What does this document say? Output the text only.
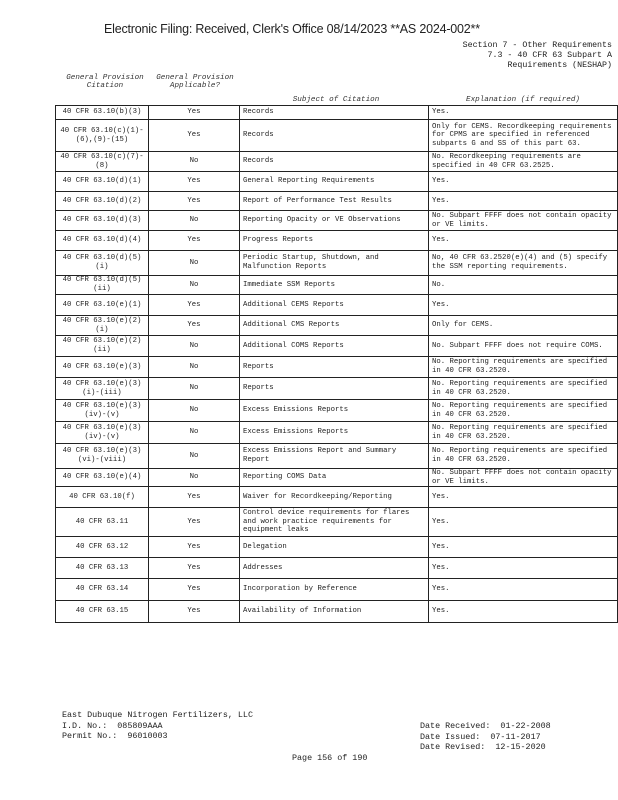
Electronic Filing: Received, Clerk's Office 08/14/2023 **AS 2024-002**
Section 7 - Other Requirements
7.3 - 40 CFR 63 Subpart A
Requirements (NESHAP)
General Provision Citation
General Provision Applicable?
Subject of Citation	Explanation (if required)
40 CFR 63.10(b)(3)	Yes	Records	Yes.
40 CFR 63.10(c)(1)-(6),(9)-(15)	Yes	Records	Only for CEMS. Recordkeeping requirements for CPMS are specified in referenced subparts G and SS of this part 63.
40 CFR 63.10(c)(7)-(8)	No	Records	No. Recordkeeping requirements are specified in 40 CFR 63.2525.
40 CFR 63.10(d)(1)	Yes	General Reporting Requirements	Yes.
40 CFR 63.10(d)(2)	Yes	Report of Performance Test Results	Yes.
40 CFR 63.10(d)(3)	No	Reporting Opacity or VE Observations	No. Subpart FFFF does not contain opacity or VE limits.
40 CFR 63.10(d)(4)	Yes	Progress Reports	Yes.
40 CFR 63.10(d)(5)(i)	No	Periodic Startup, Shutdown, and Malfunction Reports	No, 40 CFR 63.2520(e)(4) and (5) specify the SSM reporting requirements.
40 CFR 63.10(d)(5)(ii)	No	Immediate SSM Reports	No.
40 CFR 63.10(e)(1)	Yes	Additional CEMS Reports	Yes.
40 CFR 63.10(e)(2)(i)	Yes	Additional CMS Reports	Only for CEMS.
40 CFR 63.10(e)(2)(ii)	No	Additional COMS Reports	No. Subpart FFFF does not require COMS.
40 CFR 63.10(e)(3)	No	Reports	No. Reporting requirements are specified in 40 CFR 63.2520.
40 CFR 63.10(e)(3)(i)-(iii)	No	Reports	No. Reporting requirements are specified in 40 CFR 63.2520.
40 CFR 63.10(e)(3)(iv)-(v)	No	Excess Emissions Reports	No. Reporting requirements are specified in 40 CFR 63.2520.
40 CFR 63.10(e)(3)(iv)-(v)	No	Excess Emissions Reports	No. Reporting requirements are specified in 40 CFR 63.2520.
40 CFR 63.10(e)(3)(vi)-(viii)	No	Excess Emissions Report and Summary Report	No. Reporting requirements are specified in 40 CFR 63.2520.
40 CFR 63.10(e)(4)	No	Reporting COMS Data	No. Subpart FFFF does not contain opacity or VE limits.
40 CFR 63.10(f)	Yes	Waiver for Recordkeeping/Reporting	Yes.
40 CFR 63.11	Yes	Control device requirements for flares and work practice requirements for equipment leaks	Yes.
40 CFR 63.12	Yes	Delegation	Yes.
40 CFR 63.13	Yes	Addresses	Yes.
40 CFR 63.14	Yes	Incorporation by Reference	Yes.
40 CFR 63.15	Yes	Availability of Information	Yes.
East Dubuque Nitrogen Fertilizers, LLC
I.D. No.:  085809AAA
Permit No.:  96010003
Date Received:  01-22-2008
Date Issued:  07-11-2017
Date Revised:  12-15-2020
Page 156 of 190
